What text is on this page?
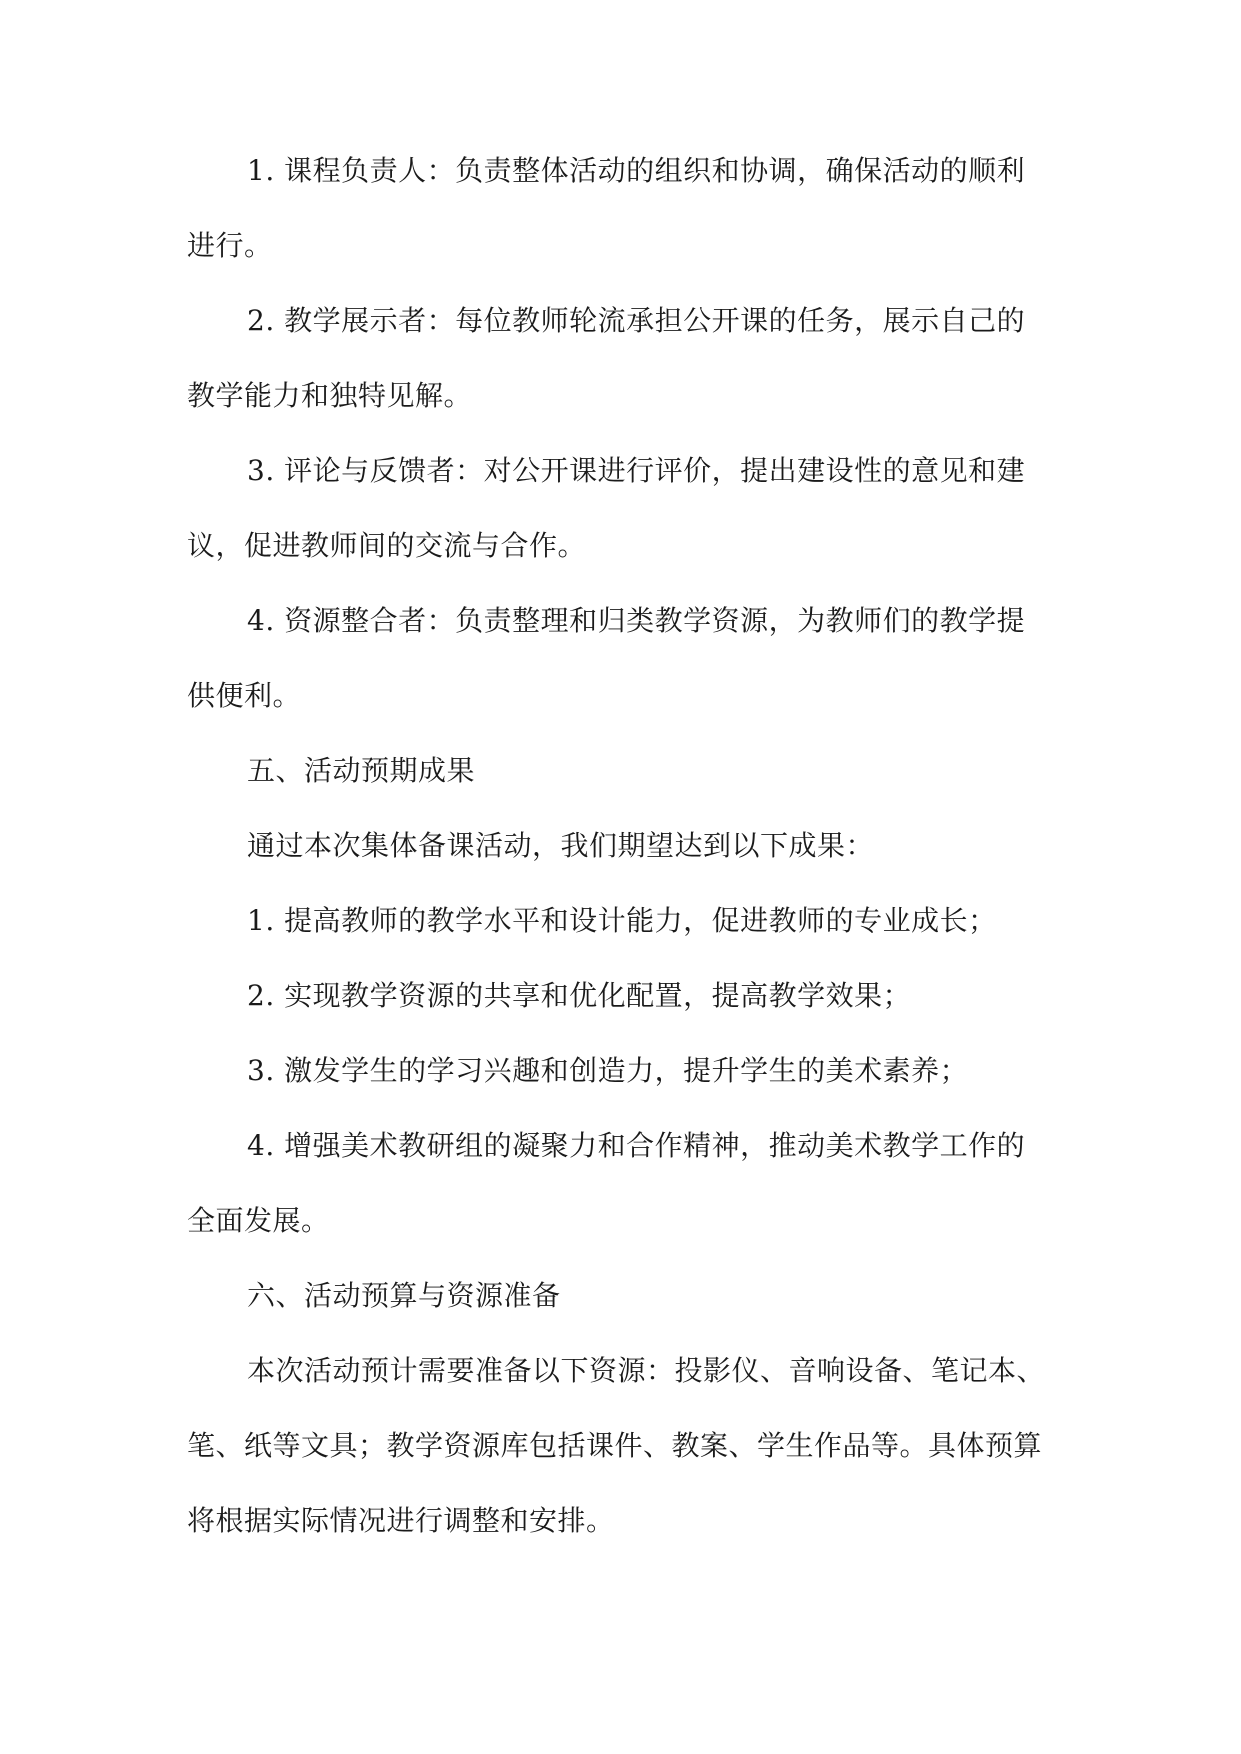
1. 课程负责人：负责整体活动的组织和协调，确保活动的顺利
进行。
2. 教学展示者：每位教师轮流承担公开课的任务，展示自己的
教学能力和独特见解。
3. 评论与反馈者：对公开课进行评价，提出建设性的意见和建
议，促进教师间的交流与合作。
4. 资源整合者：负责整理和归类教学资源，为教师们的教学提
供便利。
五、活动预期成果
通过本次集体备课活动，我们期望达到以下成果：
1. 提高教师的教学水平和设计能力，促进教师的专业成长；
2. 实现教学资源的共享和优化配置，提高教学效果；
3. 激发学生的学习兴趣和创造力，提升学生的美术素养；
4. 增强美术教研组的凝聚力和合作精神，推动美术教学工作的
全面发展。
六、活动预算与资源准备
本次活动预计需要准备以下资源：投影仪、音响设备、笔记本、
笔、纸等文具；教学资源库包括课件、教案、学生作品等。具体预算
将根据实际情况进行调整和安排。
